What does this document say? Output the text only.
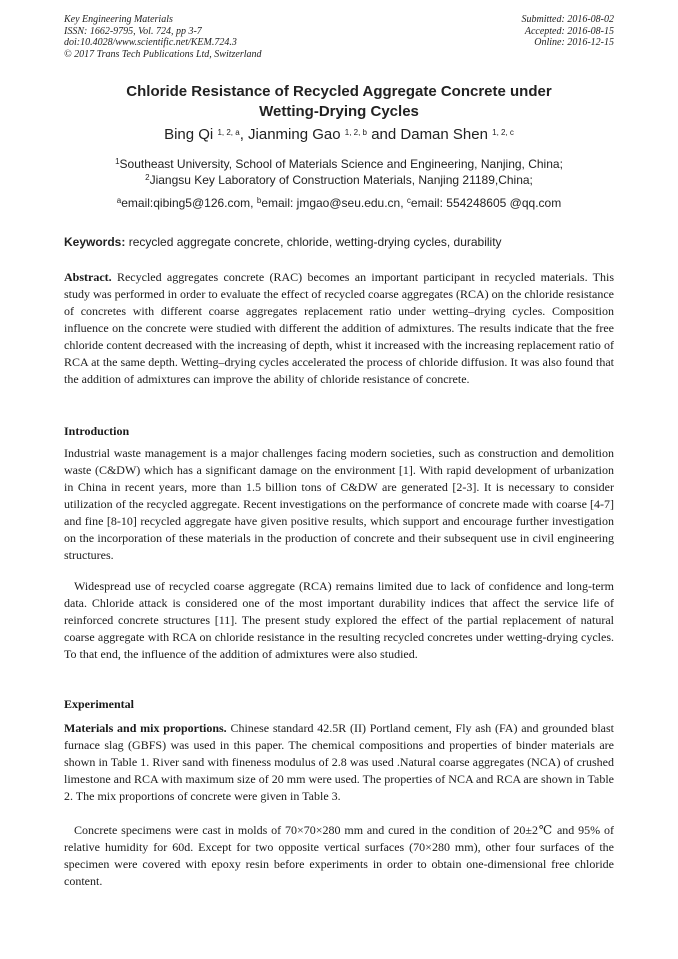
Key Engineering Materials
ISSN: 1662-9795, Vol. 724, pp 3-7
doi:10.4028/www.scientific.net/KEM.724.3
© 2017 Trans Tech Publications Ltd, Switzerland
Submitted: 2016-08-02
Accepted: 2016-08-15
Online: 2016-12-15
Chloride Resistance of Recycled Aggregate Concrete under
Wetting-Drying Cycles
Bing Qi $^{1, 2, a}$, Jianming Gao $^{1, 2, b}$ and Daman Shen $^{1, 2, c}$
$^1$Southeast University, School of Materials Science and Engineering, Nanjing, China;
$^2$Jiangsu Key Laboratory of Construction Materials, Nanjing 21189,China;
$^a$email:qibing5@126.com, $^b$email: jmgao@seu.edu.cn, $^c$email: 554248605 @qq.com
Keywords: recycled aggregate concrete, chloride, wetting-drying cycles, durability
Abstract. Recycled aggregates concrete (RAC) becomes an important participant in recycled materials. This study was performed in order to evaluate the effect of recycled coarse aggregates (RCA) on the chloride resistance of concretes with different coarse aggregates replacement ratio under wetting–drying cycles. Composition influence on the concrete were studied with different the addition of admixtures. The results indicate that the free chloride content decreased with the increasing of depth, whist it increased with the increasing replacement ratio of RCA at the same depth. Wetting–drying cycles accelerated the process of chloride diffusion. It was also found that the addition of admixtures can improve the ability of chloride resistance of concrete.
Introduction
Industrial waste management is a major challenges facing modern societies, such as construction and demolition waste (C&DW) which has a significant damage on the environment [1]. With rapid development of urbanization in China in recent years, more than 1.5 billion tons of C&DW are generated [2-3]. It is necessary to consider utilization of the recycled aggregate. Recent investigations on the performance of concrete made with coarse [4-7] and fine [8-10] recycled aggregate have given positive results, which support and encourage further investigation on the incorporation of these materials in the production of concrete and their subsequent use in civil engineering structures.
Widespread use of recycled coarse aggregate (RCA) remains limited due to lack of confidence and long-term data. Chloride attack is considered one of the most important durability indices that affect the service life of reinforced concrete structures [11]. The present study explored the effect of the partial replacement of natural coarse aggregate with RCA on chloride resistance in the resulting recycled concretes under wetting-drying cycles. To that end, the influence of the addition of admixtures were also studied.
Experimental
Materials and mix proportions. Chinese standard 42.5R (II) Portland cement, Fly ash (FA) and grounded blast furnace slag (GBFS) was used in this paper. The chemical compositions and properties of binder materials are shown in Table 1. River sand with fineness modulus of 2.8 was used .Natural coarse aggregates (NCA) of crushed limestone and RCA with maximum size of 20 mm were used. The properties of NCA and RCA are shown in Table 2. The mix proportions of concrete were given in Table 3.
Concrete specimens were cast in molds of 70×70×280 mm and cured in the condition of 20±2℃ and 95% of relative humidity for 60d. Except for two opposite vertical surfaces (70×280 mm), other four surfaces of the specimen were covered with epoxy resin before experiments in order to obtain one-dimensional free chloride content.
